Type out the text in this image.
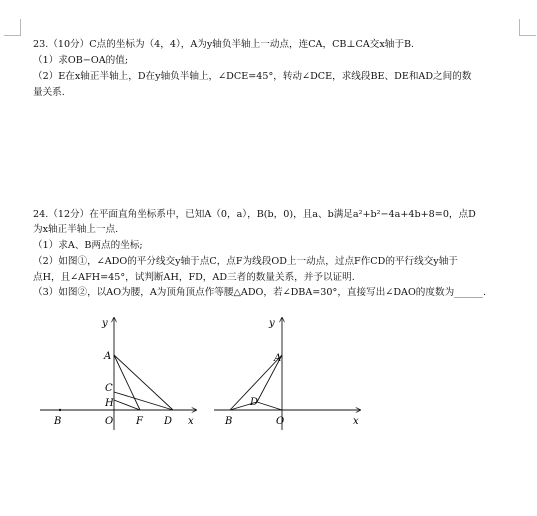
23.（10分）C点的坐标为（4，4），A为y轴负半轴上一动点，连CA，CB⊥CA交x轴于B.
（1）求OB−OA的值;
（2）E在x轴正半轴上，D在y轴负半轴上，∠DCE=45°，转动∠DCE，求线段BE、DE和AD之间的数
量关系.
24.（12分）在平面直角坐标系中，已知A（0，a），B(b，0)，且a、b满足a²+b²−4a+4b+8=0，点D
为x轴正半轴上一点.
（1）求A、B两点的坐标;
（2）如图①，∠ADO的平分线交y轴于点C，点F为线段OD上一动点，过点F作CD的平行线交y轴于
点H，且∠AFH=45°，试判断AH，FD，AD三者的数量关系，并予以证明.
（3）如图②，以AO为腰，A为顶角顶点作等腰△ADO，若∠DBA=30°，直接写出∠DAO的度数为______.
y
A
C
H
O
B	F D x
y
A
D
B	O	x
